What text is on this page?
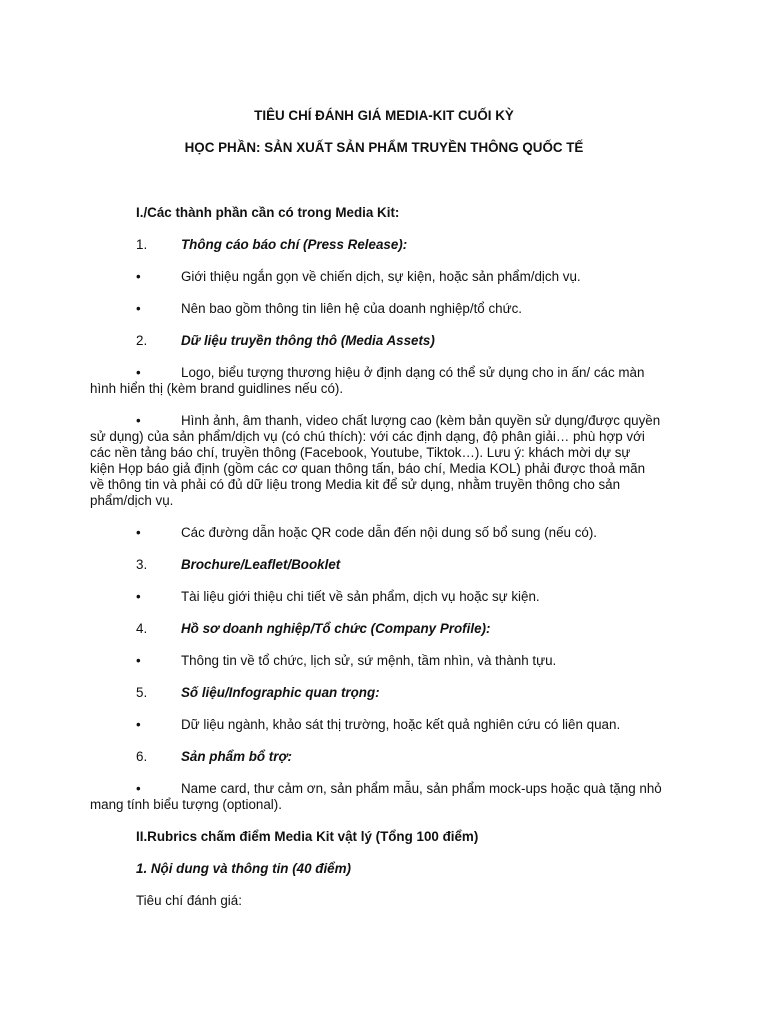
TIÊU CHÍ ĐÁNH GIÁ MEDIA-KIT CUỐI KỲ
HỌC PHẦN: SẢN XUẤT SẢN PHẨM TRUYỀN THÔNG QUỐC TẾ
I./Các thành phần cần có trong Media Kit:
1.	Thông cáo báo chí (Press Release):
•	Giới thiệu ngắn gọn về chiến dịch, sự kiện, hoặc sản phẩm/dịch vụ.
•	Nên bao gồm thông tin liên hệ của doanh nghiệp/tổ chức.
2.	Dữ liệu truyền thông thô (Media Assets)
•	Logo, biểu tượng thương hiệu ở định dạng có thể sử dụng cho in ấn/ các màn
hình hiển thị (kèm brand guidlines nếu có).
•	Hình ảnh, âm thanh, video chất lượng cao (kèm bản quyền sử dụng/được quyền
sử dụng) của sản phẩm/dịch vụ (có chú thích): với các định dạng, độ phân giải… phù hợp với
các nền tảng báo chí, truyền thông (Facebook, Youtube, Tiktok…). Lưu ý: khách mời dự sự
kiện Họp báo giả định (gồm các cơ quan thông tấn, báo chí, Media KOL) phải được thoả mãn
về thông tin và phải có đủ dữ liệu trong Media kit để sử dụng, nhằm truyền thông cho sản
phẩm/dịch vụ.
•	Các đường dẫn hoặc QR code dẫn đến nội dung số bổ sung (nếu có).
3.	Brochure/Leaflet/Booklet
•	Tài liệu giới thiệu chi tiết về sản phẩm, dịch vụ hoặc sự kiện.
4.	Hồ sơ doanh nghiệp/Tổ chức (Company Profile):
•	Thông tin về tổ chức, lịch sử, sứ mệnh, tầm nhìn, và thành tựu.
5.	Số liệu/Infographic quan trọng:
•	Dữ liệu ngành, khảo sát thị trường, hoặc kết quả nghiên cứu có liên quan.
6.	Sản phẩm bổ trợ:
•	Name card, thư cảm ơn, sản phẩm mẫu, sản phẩm mock-ups hoặc quà tặng nhỏ
mang tính biểu tượng (optional).
II.Rubrics chấm điểm Media Kit vật lý (Tổng 100 điểm)
1. Nội dung và thông tin (40 điểm)
Tiêu chí đánh giá:
